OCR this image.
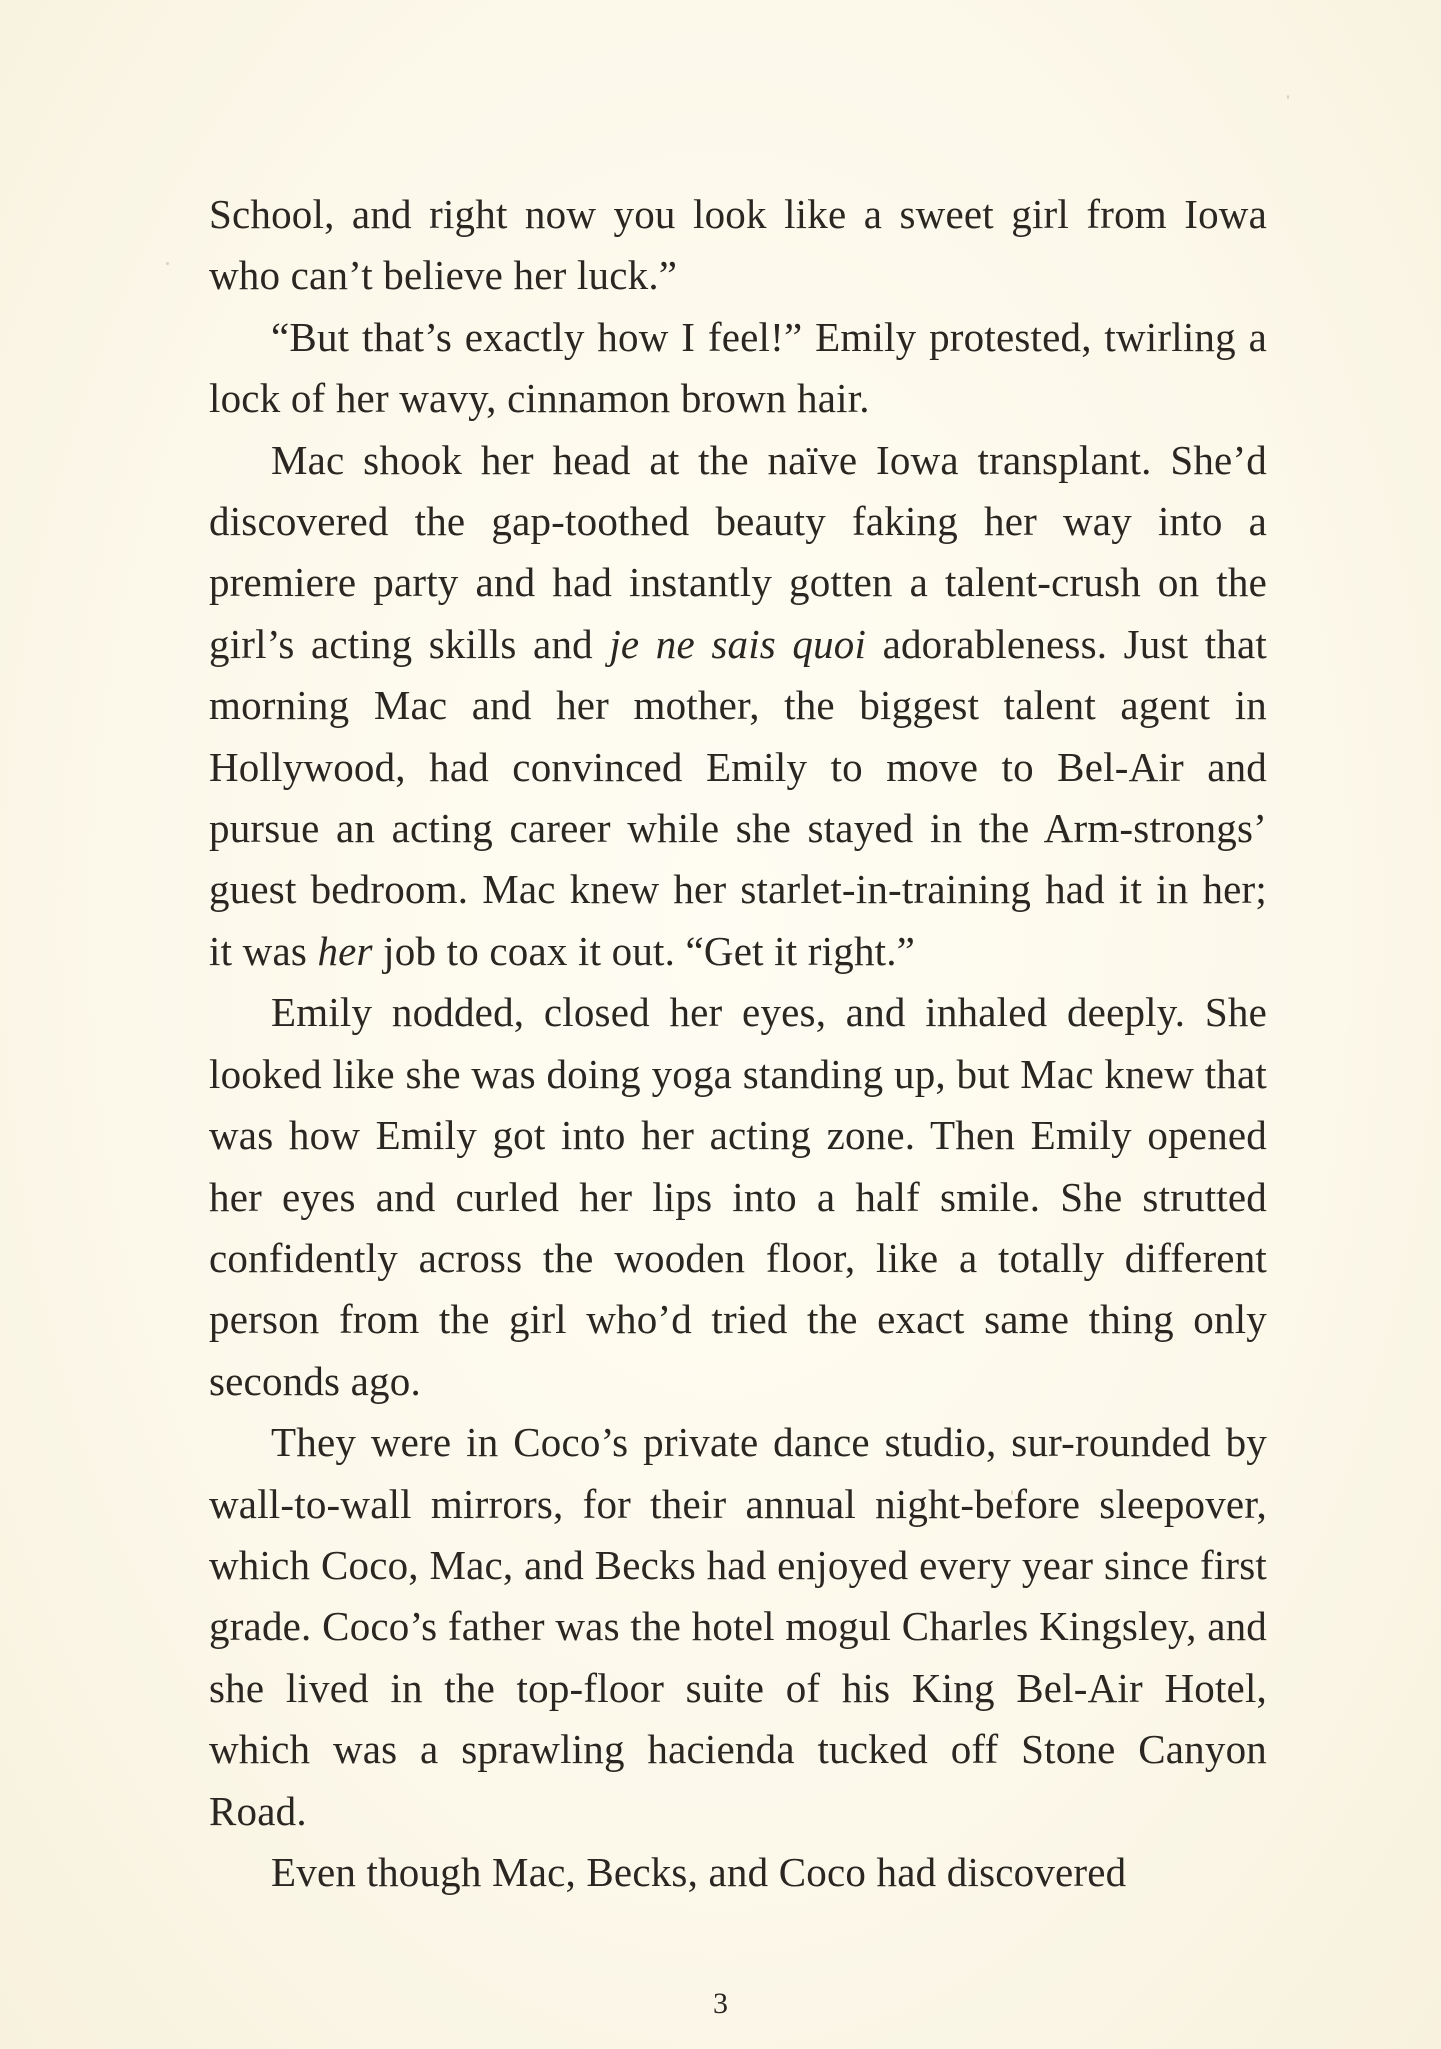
School, and right now you look like a sweet girl from Iowa who can’t believe her luck.”

“But that’s exactly how I feel!” Emily protested, twirling a lock of her wavy, cinnamon brown hair.

Mac shook her head at the naïve Iowa transplant. She’d discovered the gap-toothed beauty faking her way into a premiere party and had instantly gotten a talent-crush on the girl’s acting skills and je ne sais quoi adorableness. Just that morning Mac and her mother, the biggest talent agent in Hollywood, had convinced Emily to move to Bel-Air and pursue an acting career while she stayed in the Arm-strongs’ guest bedroom. Mac knew her starlet-in-training had it in her; it was her job to coax it out. “Get it right.”

Emily nodded, closed her eyes, and inhaled deeply. She looked like she was doing yoga standing up, but Mac knew that was how Emily got into her acting zone. Then Emily opened her eyes and curled her lips into a half smile. She strutted confidently across the wooden floor, like a totally different person from the girl who’d tried the exact same thing only seconds ago.

They were in Coco’s private dance studio, sur-rounded by wall-to-wall mirrors, for their annual night-before sleepover, which Coco, Mac, and Becks had enjoyed every year since first grade. Coco’s father was the hotel mogul Charles Kingsley, and she lived in the top-floor suite of his King Bel-Air Hotel, which was a sprawling hacienda tucked off Stone Canyon Road.

Even though Mac, Becks, and Coco had discovered

3
